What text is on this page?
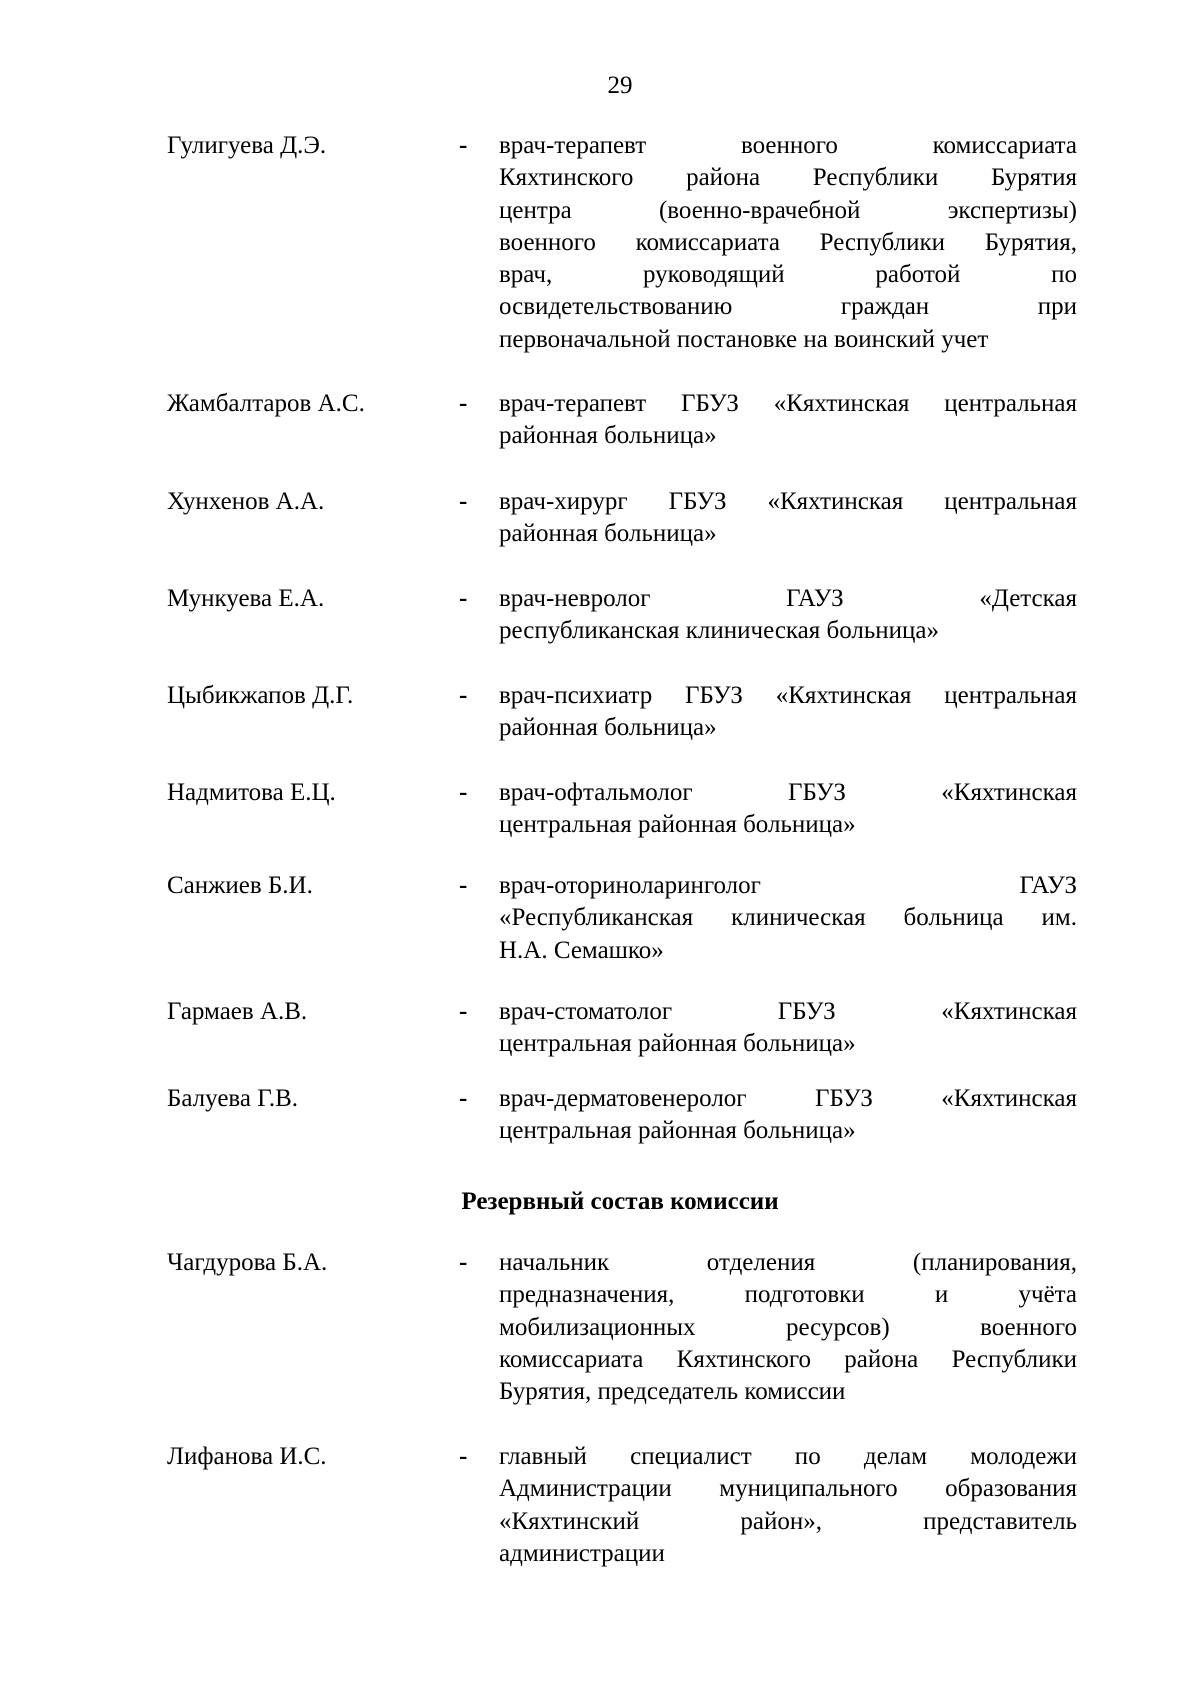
29
Гулигуева Д.Э.	- врач-терапевт военного комиссариата
Кяхтинского района Республики Бурятия
центра (военно-врачебной экспертизы)
военного комиссариата Республики Бурятия,
врач, руководящий работой по
освидетельствованию граждан при
первоначальной постановке на воинский учет
Жамбалтаров А.С.	- врач-терапевт ГБУЗ «Кяхтинская центральная
районная больница»
Хунхенов А.А.	- врач-хирург ГБУЗ «Кяхтинская центральная
районная больница»
Мункуева Е.А.	- врач-невролог ГАУЗ «Детская
республиканская клиническая больница»
Цыбикжапов Д.Г.	- врач-психиатр ГБУЗ «Кяхтинская центральная
районная больница»
Надмитова Е.Ц.	- врач-офтальмолог ГБУЗ «Кяхтинская
центральная районная больница»
Санжиев Б.И.	- врач-оториноларинголог ГАУЗ
«Республиканская клиническая больница им.
Н.А. Семашко»
Гармаев А.В.	- врач-стоматолог ГБУЗ «Кяхтинская
центральная районная больница»
Балуева Г.В.	- врач-дерматовенеролог ГБУЗ «Кяхтинская
центральная районная больница»
Резервный состав комиссии
Чагдурова Б.А.	- начальник отделения (планирования,
предназначения, подготовки и учёта
мобилизационных ресурсов) военного
комиссариата Кяхтинского района Республики
Бурятия, председатель комиссии
Лифанова И.С.	- главный специалист по делам молодежи
Администрации муниципального образования
«Кяхтинский район», представитель
администрации
